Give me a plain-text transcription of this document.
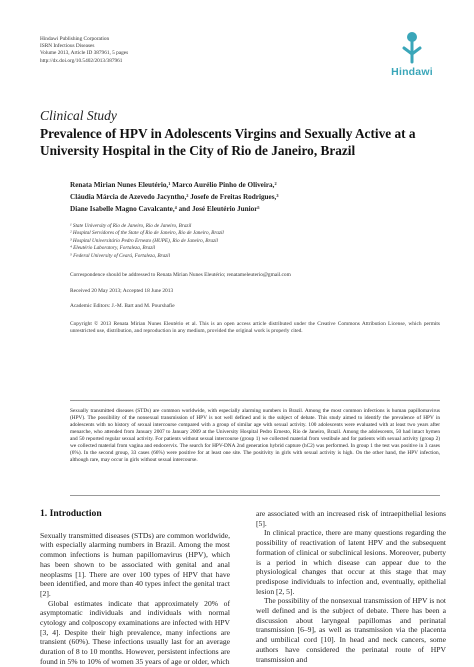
Hindawi Publishing Corporation
ISRN Infectious Diseases
Volume 2013, Article ID 387961, 5 pages
http://dx.doi.org/10.5402/2013/387961
Hindawi
Clinical Study
Prevalence of HPV in Adolescents Virgins and Sexually Active at a University Hospital in the City of Rio de Janeiro, Brazil
Renata Mirian Nunes Eleutério,¹ Marco Aurélio Pinho de Oliveira,²
Cláudia Márcia de Azevedo Jacyntho,² Josefe de Freitas Rodrigues,³
Diane Isabelle Magno Cavalcante,⁴ and José Eleutério Junior⁵
¹ State University of Rio de Janeiro, Rio de Janeiro, Brazil
² Hospital Servidores of the State of Rio de Janeiro, Rio de Janeiro, Brazil
³ Hospital Universitário Pedro Ernesto (HUPE), Rio de Janeiro, Brazil
⁴ Eleutério Laboratory, Fortaleza, Brazil
⁵ Federal University of Ceará, Fortaleza, Brazil
Correspondence should be addressed to Renata Mirian Nunes Eleutério; renatameleuterio@gmail.com
Received 20 May 2013; Accepted 18 June 2013
Academic Editors: J.-M. Bart and M. Pourshafie
Copyright © 2013 Renata Mirian Nunes Eleutério et al. This is an open access article distributed under the Creative Commons Attribution License, which permits unrestricted use, distribution, and reproduction in any medium, provided the original work is properly cited.
Sexually transmitted diseases (STDs) are common worldwide, with especially alarming numbers in Brazil. Among the most common infections is human papillomavirus (HPV). The possibility of the nonsexual transmission of HPV is not well defined and is the subject of debate. This study aimed to identify the prevalence of HPV in adolescents with no history of sexual intercourse compared with a group of similar age with sexual activity. 100 adolescents were evaluated with at least two years after menarche, who attended from January 2007 to January 2009 at the University Hospital Pedro Ernesto, Rio de Janeiro, Brazil. Among the adolescents, 50 had intact hymen and 50 reported regular sexual activity. For patients without sexual intercourse (group 1) we collected material from vestibule and for patients with sexual activity (group 2) we collected material from vagina and endocervix. The search for HPV-DNA 2nd generation hybrid capture (hC2) was performed. In group 1 the test was positive in 3 cases (6%). In the second group, 33 cases (66%) were positive for at least one site. The positivity in girls with sexual activity is high. On the other hand, the HPV infection, although rare, may occur in girls without sexual intercourse.
1. Introduction

Sexually transmitted diseases (STDs) are common worldwide, with especially alarming numbers in Brazil. Among the most common infections is human papillomavirus (HPV), which has been shown to be associated with genital and anal neoplasms [1]. There are over 100 types of HPV that have been identified, and more than 40 types infect the genital tract [2].

Global estimates indicate that approximately 20% of asymptomatic individuals and individuals with normal cytology and colposcopy examinations are infected with HPV [3, 4]. Despite their high prevalence, many infections are transient (60%). These infections usually last for an average duration of 8 to 10 months. However, persistent infections are found in 5% to 10% of women 35 years of age or older, which

are associated with an increased risk of intraepithelial lesions [5].

In clinical practice, there are many questions regarding the possibility of reactivation of latent HPV and the subsequent formation of clinical or subclinical lesions. Moreover, puberty is a period in which disease can appear due to the physiological changes that occur at this stage that may predispose individuals to infection and, eventually, epithelial lesion [2, 5].

The possibility of the nonsexual transmission of HPV is not well defined and is the subject of debate. There has been a discussion about laryngeal papillomas and perinatal transmission [6–9], as well as transmission via the placenta and umbilical cord [10]. In head and neck cancers, some authors have considered the perinatal route of HPV transmission and
